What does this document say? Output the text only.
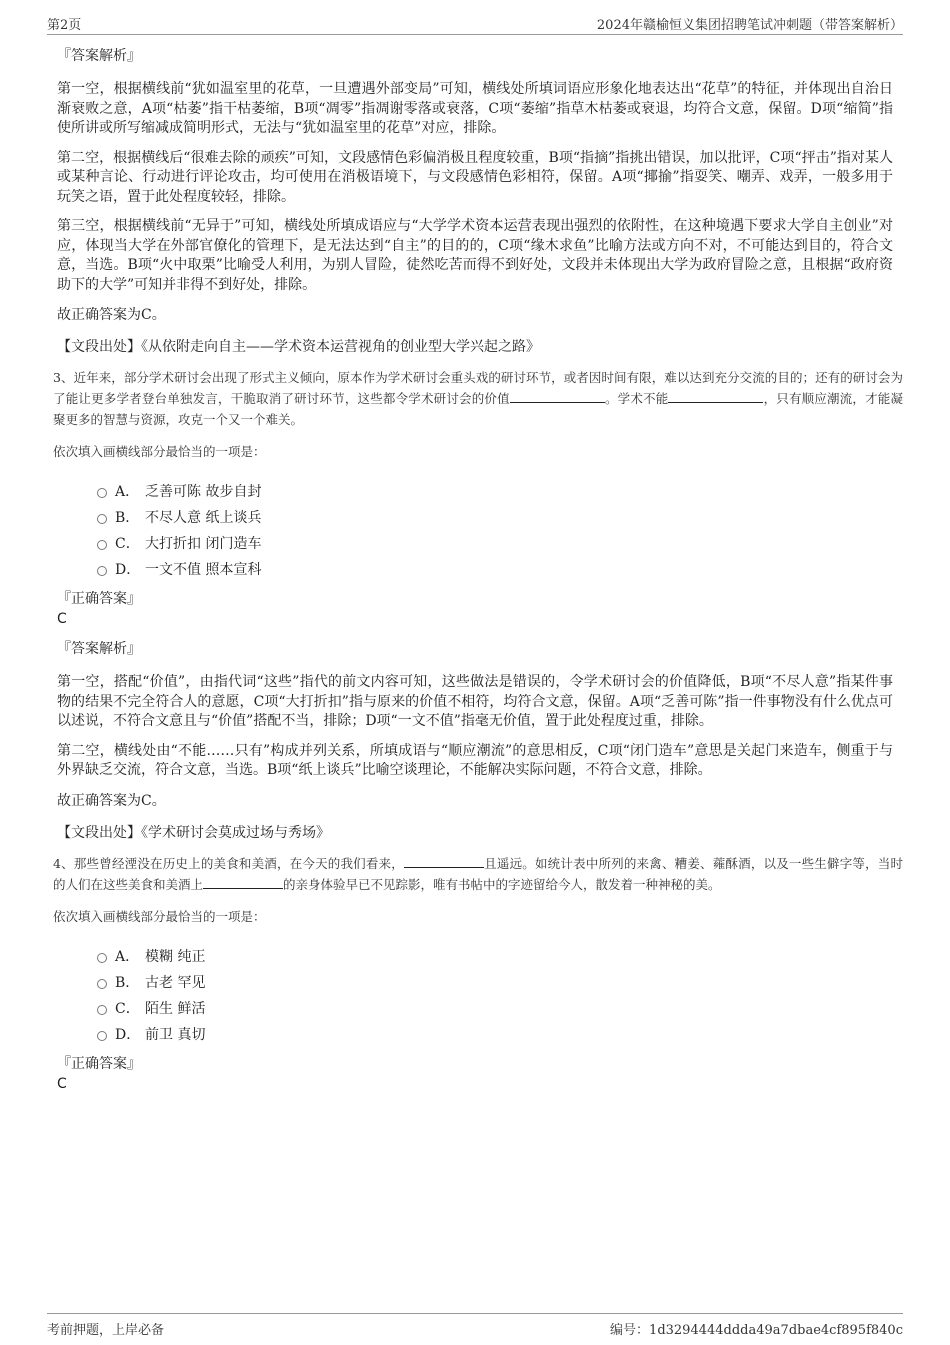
第2页	2024年赣榆恒义集团招聘笔试冲刺题（带答案解析）
『答案解析』

第一空，根据横线前“犹如温室里的花草，一旦遭遇外部变局”可知，横线处所填词语应形象化地表达出“花草”的特征，并体现出自治日渐衰败之意，A项“枯萎”指干枯萎缩，B项“凋零”指凋谢零落或衰落，C项“萎缩”指草木枯萎或衰退，均符合文意，保留。D项“缩简”指使所讲或所写缩减成简明形式，无法与“犹如温室里的花草”对应，排除。

第二空，根据横线后“很难去除的顽疾”可知，文段感情色彩偏消极且程度较重，B项“指摘”指挑出错误，加以批评，C项“抨击”指对某人或某种言论、行动进行评论攻击，均可使用在消极语境下，与文段感情色彩相符，保留。A项“揶揄”指耍笑、嘲弄、戏弄，一般多用于玩笑之语，置于此处程度较轻，排除。

第三空，根据横线前“无异于”可知，横线处所填成语应与“大学学术资本运营表现出强烈的依附性，在这种境遇下要求大学自主创业”对应，体现当大学在外部官僚化的管理下，是无法达到“自主”的目的的，C项“缘木求鱼”比喻方法或方向不对，不可能达到目的，符合文意，当选。B项“火中取栗”比喻受人利用，为别人冒险，徒然吃苦而得不到好处，文段并未体现出大学为政府冒险之意，且根据“政府资助下的大学”可知并非得不到好处，排除。

故正确答案为C。

【文段出处】《从依附走向自主——学术资本运营视角的创业型大学兴起之路》

3、近年来，部分学术研讨会出现了形式主义倾向，原本作为学术研讨会重头戏的研讨环节，或者因时间有限，难以达到充分交流的目的；还有的研讨会为了能让更多学者登台单独发言，干脆取消了研讨环节，这些都令学术研讨会的价值	。学术不能	，只有顺应潮流，才能凝聚更多的智慧与资源，攻克一个又一个难关。

依次填入画横线部分最恰当的一项是：

A． 乏善可陈 故步自封
B． 不尽人意 纸上谈兵
C． 大打折扣 闭门造车
D． 一文不值 照本宣科

『正确答案』

C

『答案解析』

第一空，搭配“价值”，由指代词“这些”指代的前文内容可知，这些做法是错误的，令学术研讨会的价值降低，B项“不尽人意”指某件事物的结果不完全符合人的意愿，C项“大打折扣”指与原来的价值不相符，均符合文意，保留。A项“乏善可陈”指一件事物没有什么优点可以述说，不符合文意且与“价值”搭配不当，排除；D项“一文不值”指毫无价值，置于此处程度过重，排除。

第二空，横线处由“不能……只有”构成并列关系，所填成语与“顺应潮流”的意思相反，C项“闭门造车”意思是关起门来造车，侧重于与外界缺乏交流，符合文意，当选。B项“纸上谈兵”比喻空谈理论，不能解决实际问题，不符合文意，排除。

故正确答案为C。

【文段出处】《学术研讨会莫成过场与秀场》

4、那些曾经湮没在历史上的美食和美酒，在今天的我们看来，	且遥远。如统计表中所列的来禽、糟姜、蕹酥酒，以及一些生僻字等，当时的人们在这些美食和美酒上	的亲身体验早已不见踪影，唯有书帖中的字迹留给今人，散发着一种神秘的美。

依次填入画横线部分最恰当的一项是：

A． 模糊 纯正
B． 古老 罕见
C． 陌生 鲜活
D． 前卫 真切

『正确答案』

C

考前押题，上岸必备	编号：1d3294444ddda49a7dbae4cf895f840c
